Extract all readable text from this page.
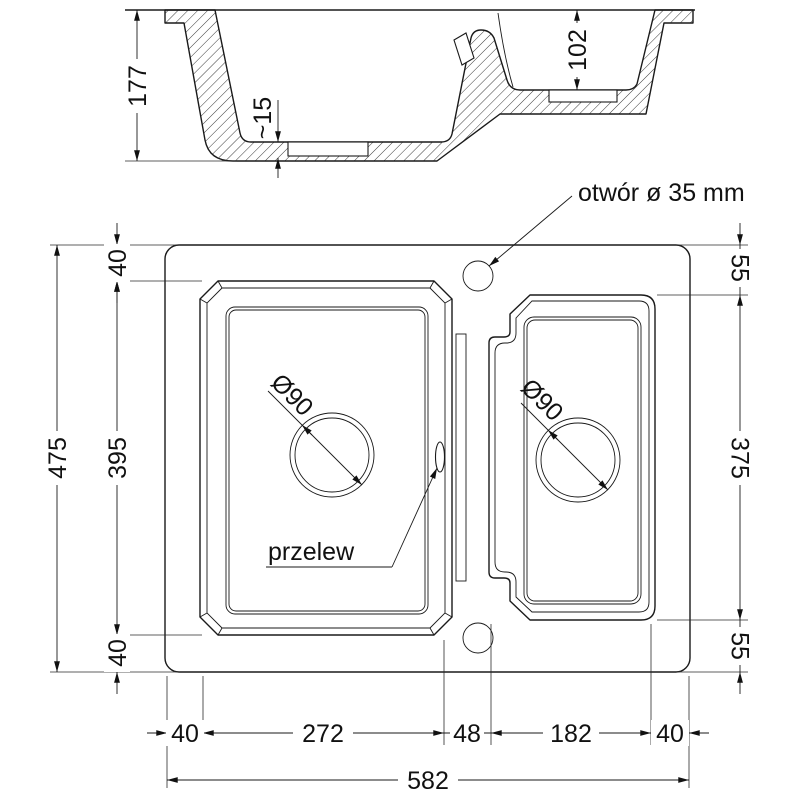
177
102
~15
475
40
395
40
55
375
55
40	272	48	182	40
582
Ø90	Ø90
przelew
otwór ø 35 mm
